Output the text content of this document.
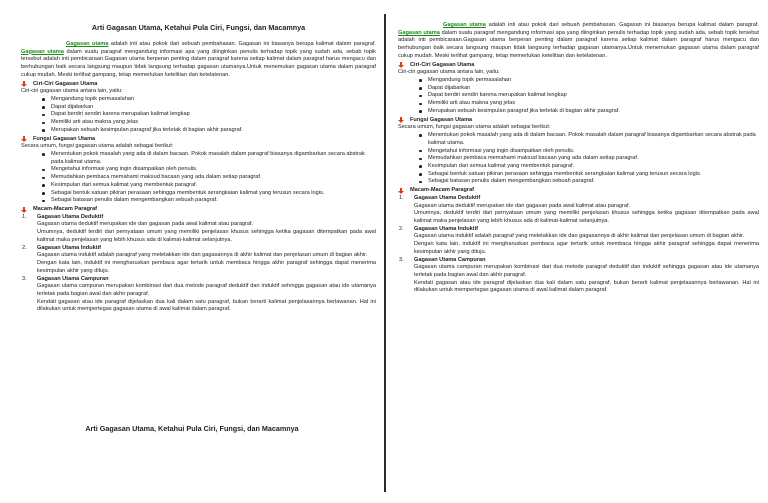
Arti Gagasan Utama, Ketahui Pula Ciri, Fungsi, dan Macamnya

Gagasan utama adalah inti atau pokok dari sebuah pembahasan. Gagasan ini biasanya berupa kalimat dalam paragraf. Gagasan utama dalam suatu paragraf mengandung informasi apa yang diinginkan penulis terhadap topik yang sudah ada, sebab topik tersebut adalah inti pembicaraan.Gagasan utama berperan penting dalam paragraf karena setiap kalimat dalam paragraf harus mengacu dan berhubungan baik secara langsung maupun tidak langsung terhadap gagasan utamanya.Untuk menemukan gagasan utama dalam paragraf cukup mudah. Meski terlihat gampang, tetap memerlukan ketelitian dan ketelatenan.

Ciri-Ciri Gagasan Utama
Ciri-ciri gagasan utama antara lain, yaitu:
Mengandung topik permasalahan
Dapat dijabarkan
Dapat berdiri sendiri karena merupakan kalimat lengkap
Memiliki arti atau makna yang jelas
Merupakan sebuah kesimpulan paragraf jika terletak di bagian akhir paragraf.
Fungsi Gagasan Utama
Secara umum, fungsi gagasan utama adalah sebagai berikut:
Menentukan pokok masalah yang ada di dalam bacaan. Pokok masalah dalam paragraf biasanya digambarkan secara abstrak pada kalimat utama.
Mengetahui informasi yang ingin disampaikan oleh penulis.
Memudahkan pembaca memahami maksud bacaan yang ada dalam setiap paragraf.
Kesimpulan dari semua kalimat yang membentuk paragraf.
Sebagai bentuk satuan pikiran perasaan sehingga membentuk serangkaian kalimat yang terusun secara logis.
Sebagai batasan penulis dalam mengembangkan sebuah paragraf.
Macam-Macam Paragraf
1. Gagasan Utama Deduktif
Gagasan utama deduktif merupakan ide dan gagasan pada awal kalimat atau paragraf.
Umumnya, deduktif terdiri dari pernyataan umum yang memiliki penjelasan khusus sehingga ketika gagasan ditempatkan pada awal kalimat maka penjelasan yang lebih khusus ada di kalimat-kalimat selanjutnya.
2. Gagasan Utama Induktif
Gagasan utama induktif adalah paragraf yang meletakkan ide dan gagasannya di akhir kalimat dan penjelasan umum di bagian akhir.
Dengan kata lain, induktif ini mengharuskan pembaca agar tertarik untuk membaca hingga akhir paragraf sehingga dapat menerima kesimpulan akhir yang dituju.
3. Gagasan Utama Campuran
Gagasan utama campuran merupakan kombinasi dari dua metode paragraf deduktif dan induktif sehingga gagasan atau ide utamanya terletak pada bagian awal dan akhir paragraf.
Kendati gagasan atau ide paragraf dijelaskan dua kali dalam satu paragraf, bukan berarti kalimat penjelasannya berlawanan. Hal ini dilakukan untuk mempertegas gagasan utama di awal kalimat dalam paragraf.
Arti Gagasan Utama, Ketahui Pula Ciri, Fungsi, dan Macamnya

Gagasan utama adalah inti atau pokok dari sebuah pembahasan. Gagasan ini biasanya berupa kalimat dalam paragraf. Gagasan utama dalam suatu paragraf mengandung informasi apa yang diinginkan penulis terhadap topik yang sudah ada, sebab topik tersebut adalah inti pembicaraan.Gagasan utama berperan penting dalam paragraf karena setiap kalimat dalam paragraf harus mengacu dan berhubungan baik secara langsung maupun tidak langsung terhadap gagasan utamanya.Untuk menemukan gagasan utama dalam paragraf cukup mudah. Meski terlihat gampang, tetap memerlukan ketelitian dan ketelatenan.

Ciri-Ciri Gagasan Utama
Ciri-ciri gagasan utama antara lain, yaitu:
Mengandung topik permasalahan
Dapat dijabarkan
Dapat berdiri sendiri karena merupakan kalimat lengkap
Memiliki arti atau makna yang jelas
Merupakan sebuah kesimpulan paragraf jika terletak di bagian akhir paragraf.
Fungsi Gagasan Utama
Secara umum, fungsi gagasan utama adalah sebagai berikut:
Menentukan pokok masalah yang ada di dalam bacaan. Pokok masalah dalam paragraf biasanya digambarkan secara abstrak pada kalimat utama.
Mengetahui informasi yang ingin disampaikan oleh penulis.
Memudahkan pembaca memahami maksud bacaan yang ada dalam setiap paragraf.
Kesimpulan dari semua kalimat yang membentuk paragraf.
Sebagai bentuk satuan pikiran perasaan sehingga membentuk serangkaian kalimat yang terusun secara logis.
Sebagai batasan penulis dalam mengembangkan sebuah paragraf.
Macam-Macam Paragraf
1. Gagasan Utama Deduktif
Gagasan utama deduktif merupakan ide dan gagasan pada awal kalimat atau paragraf.
Umumnya, deduktif terdiri dari pernyataan umum yang memiliki penjelasan khusus sehingga ketika gagasan ditempatkan pada awal kalimat maka penjelasan yang lebih khusus ada di kalimat-kalimat selanjutnya.
2. Gagasan Utama Induktif
Gagasan utama induktif adalah paragraf yang meletakkan ide dan gagasannya di akhir kalimat dan penjelasan umum di bagian akhir.
Dengan kata lain, induktif ini mengharuskan pembaca agar tertarik untuk membaca hingga akhir paragraf sehingga dapat menerima kesimpulan akhir yang dituju.
3. Gagasan Utama Campuran
Gagasan utama campuran merupakan kombinasi dari dua metode paragraf deduktif dan induktif sehingga gagasan atau ide utamanya terletak pada bagian awal dan akhir paragraf.
Kendati gagasan atau ide paragraf dijelaskan dua kali dalam satu paragraf, bukan berarti kalimat penjelasannya berlawanan. Hal ini dilakukan untuk mempertegas gagasan utama di awal kalimat dalam paragraf.
